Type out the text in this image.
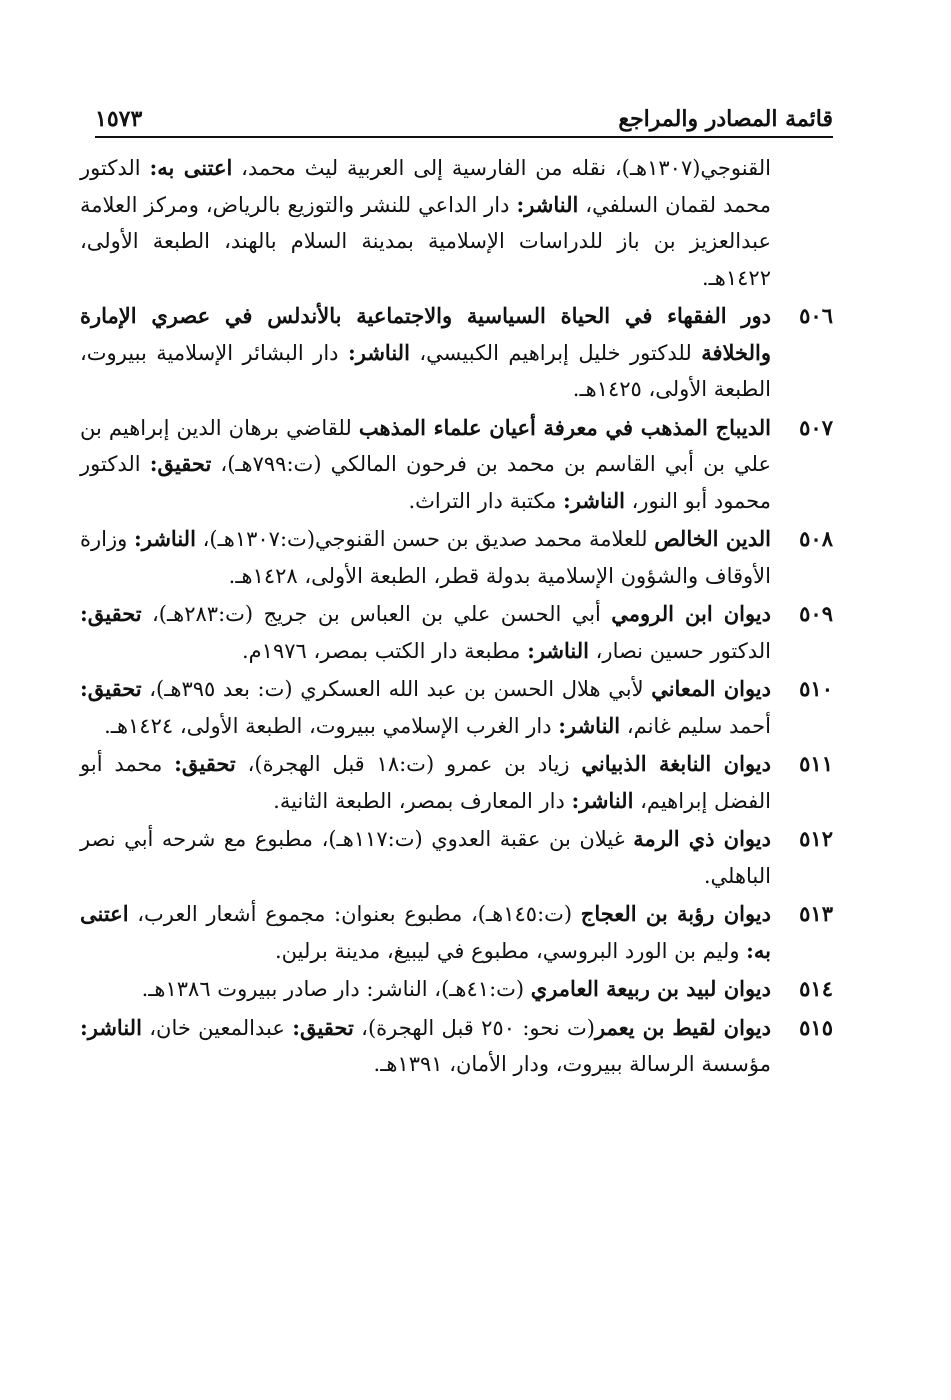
قائمة المصادر والمراجع
١٥٧٣
القنوجي(١٣٠٧هـ)، نقله من الفارسية إلى العربية ليث محمد، اعتنى به: الدكتور محمد لقمان السلفي، الناشر: دار الداعي للنشر والتوزيع بالرياض، ومركز العلامة عبدالعزيز بن باز للدراسات الإسلامية بمدينة السلام بالهند، الطبعة الأولى، ١٤٢٢هـ.
٥٠٦
دور الفقهاء في الحياة السياسية والاجتماعية بالأندلس في عصري الإمارة والخلافة للدكتور خليل إبراهيم الكبيسي، الناشر: دار البشائر الإسلامية ببيروت، الطبعة الأولى، ١٤٢٥هـ.
٥٠٧
الديباج المذهب في معرفة أعيان علماء المذهب للقاضي برهان الدين إبراهيم بن علي بن أبي القاسم بن محمد بن فرحون المالكي (ت:٧٩٩هـ)، تحقيق: الدكتور محمود أبو النور، الناشر: مكتبة دار التراث.
٥٠٨
الدين الخالص للعلامة محمد صديق بن حسن القنوجي(ت:١٣٠٧هـ)، الناشر: وزارة الأوقاف والشؤون الإسلامية بدولة قطر، الطبعة الأولى، ١٤٢٨هـ.
٥٠٩
ديوان ابن الرومي أبي الحسن علي بن العباس بن جريج (ت:٢٨٣هـ)، تحقيق: الدكتور حسين نصار، الناشر: مطبعة دار الكتب بمصر، ١٩٧٦م.
٥١٠
ديوان المعاني لأبي هلال الحسن بن عبد الله العسكري (ت: بعد ٣٩٥هـ)، تحقيق: أحمد سليم غانم، الناشر: دار الغرب الإسلامي ببيروت، الطبعة الأولى، ١٤٢٤هـ.
٥١١
ديوان النابغة الذبياني زياد بن عمرو (ت:١٨ قبل الهجرة)، تحقيق: محمد أبو الفضل إبراهيم، الناشر: دار المعارف بمصر، الطبعة الثانية.
٥١٢
ديوان ذي الرمة غيلان بن عقبة العدوي (ت:١١٧هـ)، مطبوع مع شرحه أبي نصر الباهلي.
٥١٣
ديوان رؤبة بن العجاج (ت:١٤٥هـ)، مطبوع بعنوان: مجموع أشعار العرب، اعتنى به: وليم بن الورد البروسي، مطبوع في ليبيغ، مدينة برلين.
٥١٤
ديوان لبيد بن ربيعة العامري (ت:٤١هـ)، الناشر: دار صادر ببيروت ١٣٨٦هـ.
٥١٥
ديوان لقيط بن يعمر(ت نحو: ٢٥٠ قبل الهجرة)، تحقيق: عبدالمعين خان، الناشر: مؤسسة الرسالة ببيروت، ودار الأمان، ١٣٩١هـ.
